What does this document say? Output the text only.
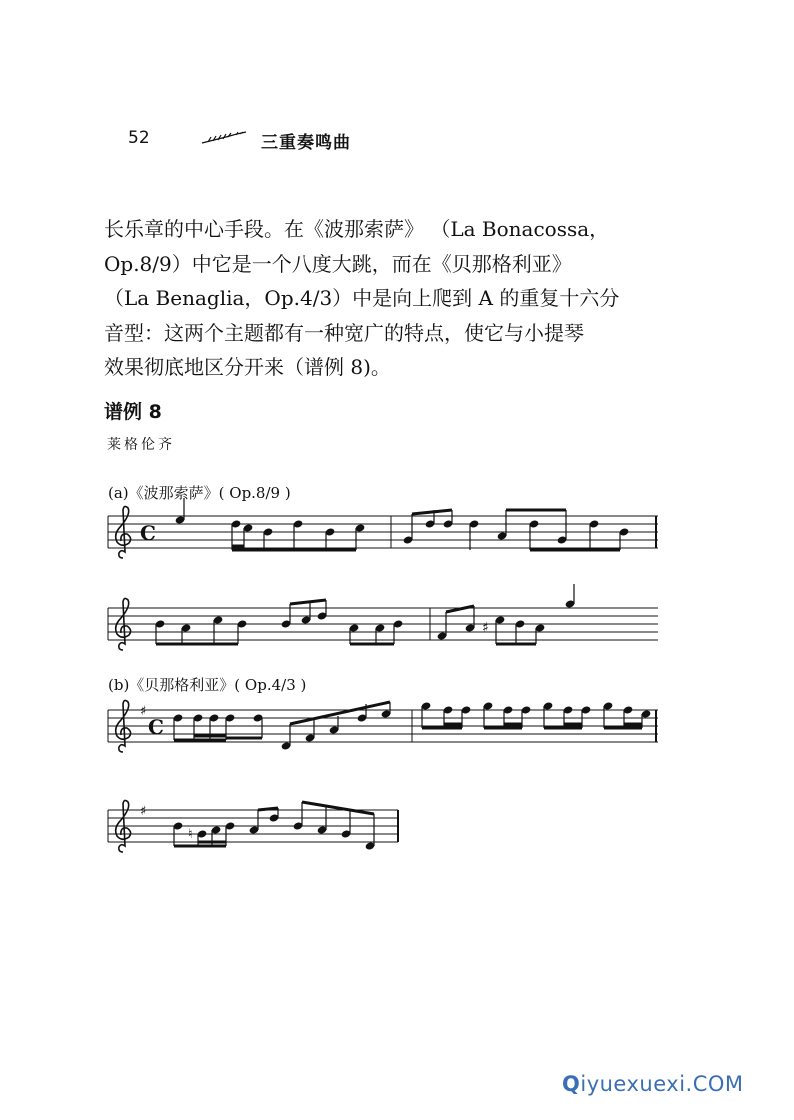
52	三重奏鸣曲

长乐章的中心手段。在《波那索萨》 （La Bonacossa，
Op.8/9）中它是一个八度大跳，而在《贝那格利亚》
（La Benaglia，Op.4/3）中是向上爬到 A 的重复十六分
音型：这两个主题都有一种宽广的特点，使它与小提琴
效果彻底地区分开来（谱例 8)。

谱例 8
莱格伦齐
(a)《波那索萨》( Op.8/9 )
C
♯
(b)《贝那格利亚》( Op.4/3 )
♯
C
♯
♮
Qiyuexuexi.COM
